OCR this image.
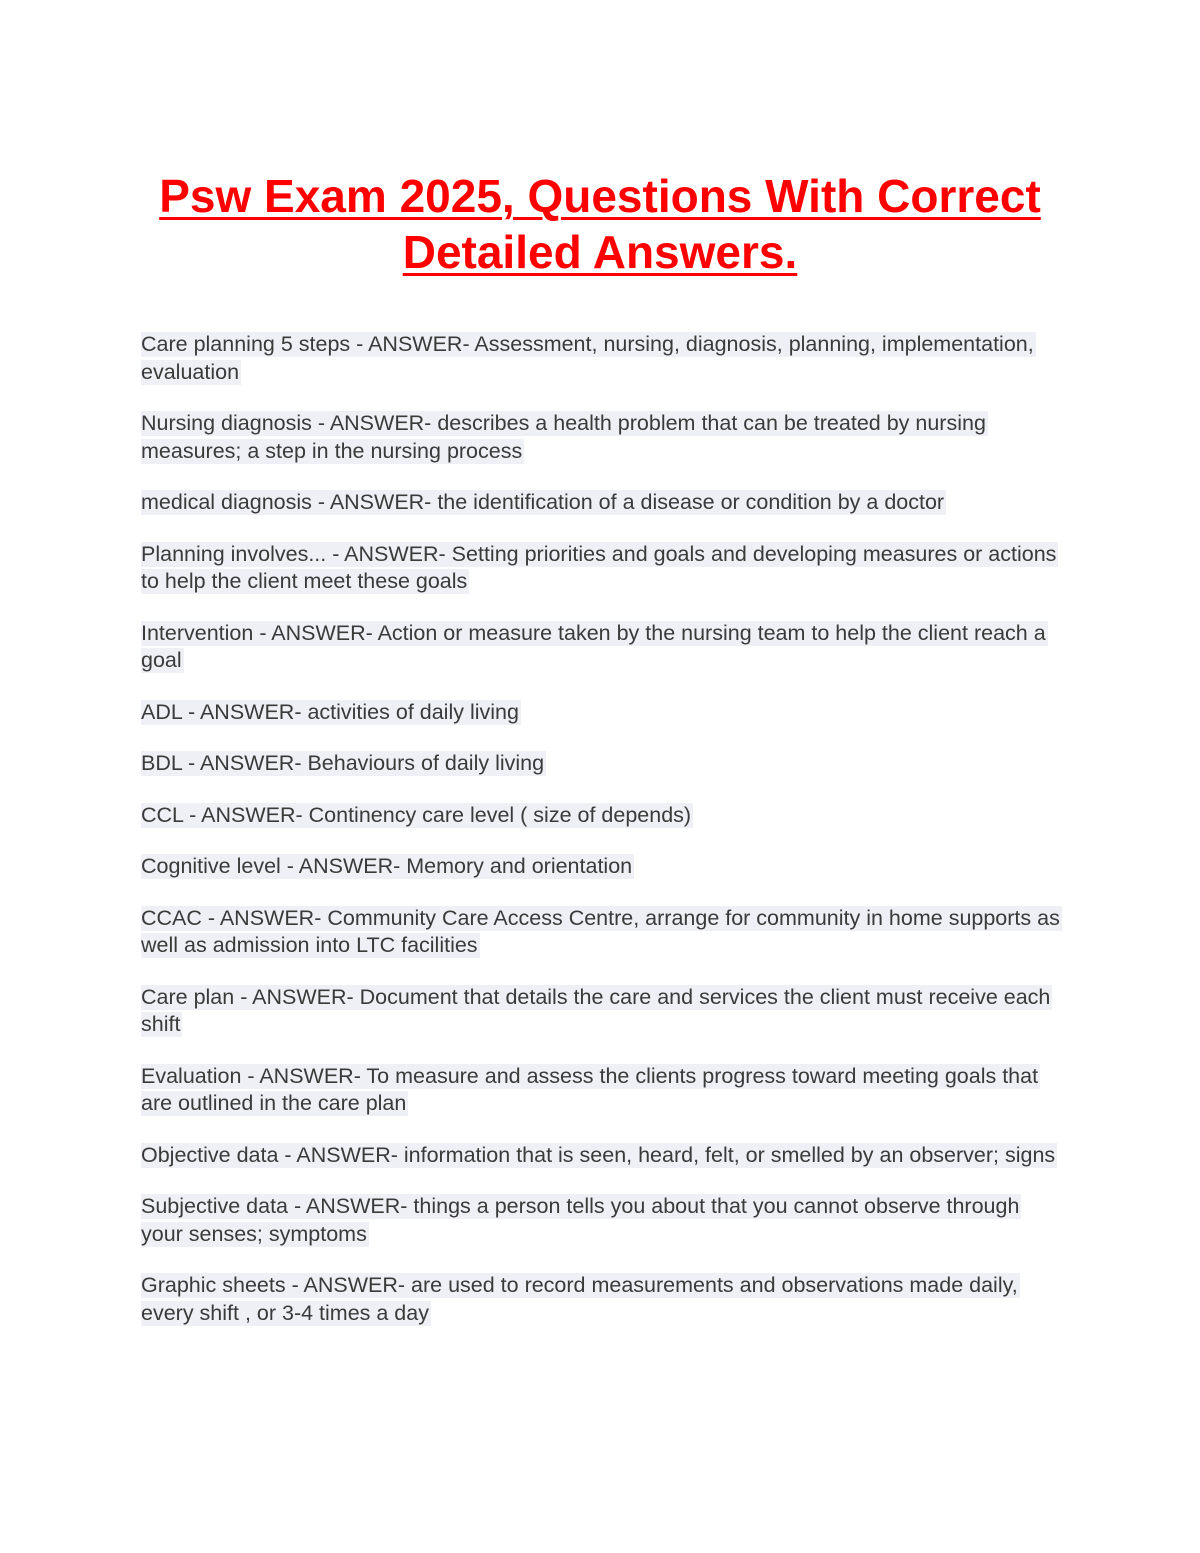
Psw Exam 2025, Questions With Correct Detailed Answers.
Care planning 5 steps - ANSWER- Assessment, nursing, diagnosis, planning, implementation, evaluation
Nursing diagnosis - ANSWER- describes a health problem that can be treated by nursing measures; a step in the nursing process
medical diagnosis - ANSWER- the identification of a disease or condition by a doctor
Planning involves... - ANSWER- Setting priorities and goals and developing measures or actions to help the client meet these goals
Intervention - ANSWER- Action or measure taken by the nursing team to help the client reach a goal
ADL - ANSWER- activities of daily living
BDL - ANSWER- Behaviours of daily living
CCL - ANSWER- Continency care level ( size of depends)
Cognitive level - ANSWER- Memory and orientation
CCAC - ANSWER- Community Care Access Centre, arrange for community in home supports as well as admission into LTC facilities
Care plan - ANSWER- Document that details the care and services the client must receive each shift
Evaluation - ANSWER- To measure and assess the clients progress toward meeting goals that are outlined in the care plan
Objective data - ANSWER- information that is seen, heard, felt, or smelled by an observer; signs
Subjective data - ANSWER- things a person tells you about that you cannot observe through your senses; symptoms
Graphic sheets - ANSWER- are used to record measurements and observations made daily, every shift , or 3-4 times a day
